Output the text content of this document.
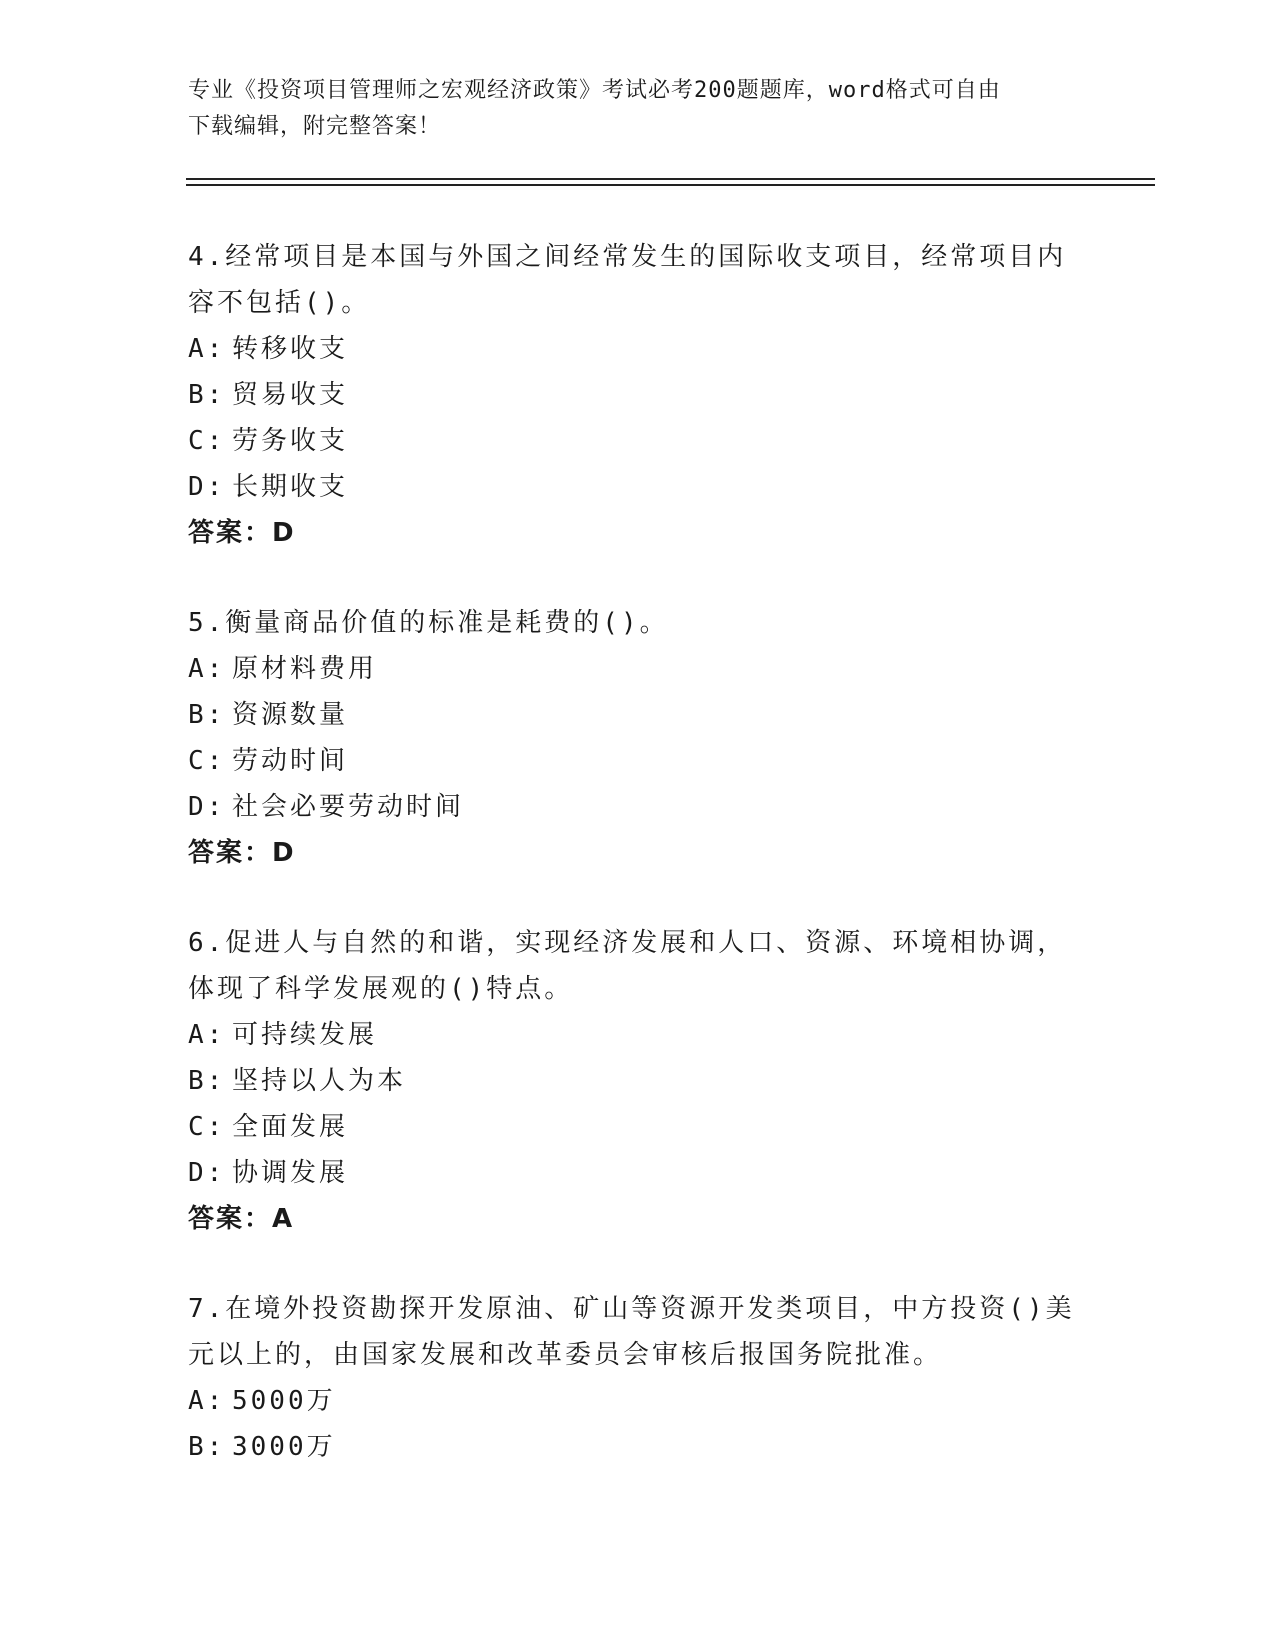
专业《投资项目管理师之宏观经济政策》考试必考200题题库，word格式可自由
下载编辑，附完整答案！

4.经常项目是本国与外国之间经常发生的国际收支项目，经常项目内容不包括()。

A: 转移收支

B: 贸易收支

C: 劳务收支

D: 长期收支

答案：D

5.衡量商品价值的标准是耗费的()。

A: 原材料费用

B: 资源数量

C: 劳动时间

D: 社会必要劳动时间

答案：D

6.促进人与自然的和谐，实现经济发展和人口、资源、环境相协调，体现了科学发展观的()特点。

A: 可持续发展

B: 坚持以人为本

C: 全面发展

D: 协调发展

答案：A

7.在境外投资勘探开发原油、矿山等资源开发类项目，中方投资()美元以上的，由国家发展和改革委员会审核后报国务院批准。

A: 5000万

B: 3000万
